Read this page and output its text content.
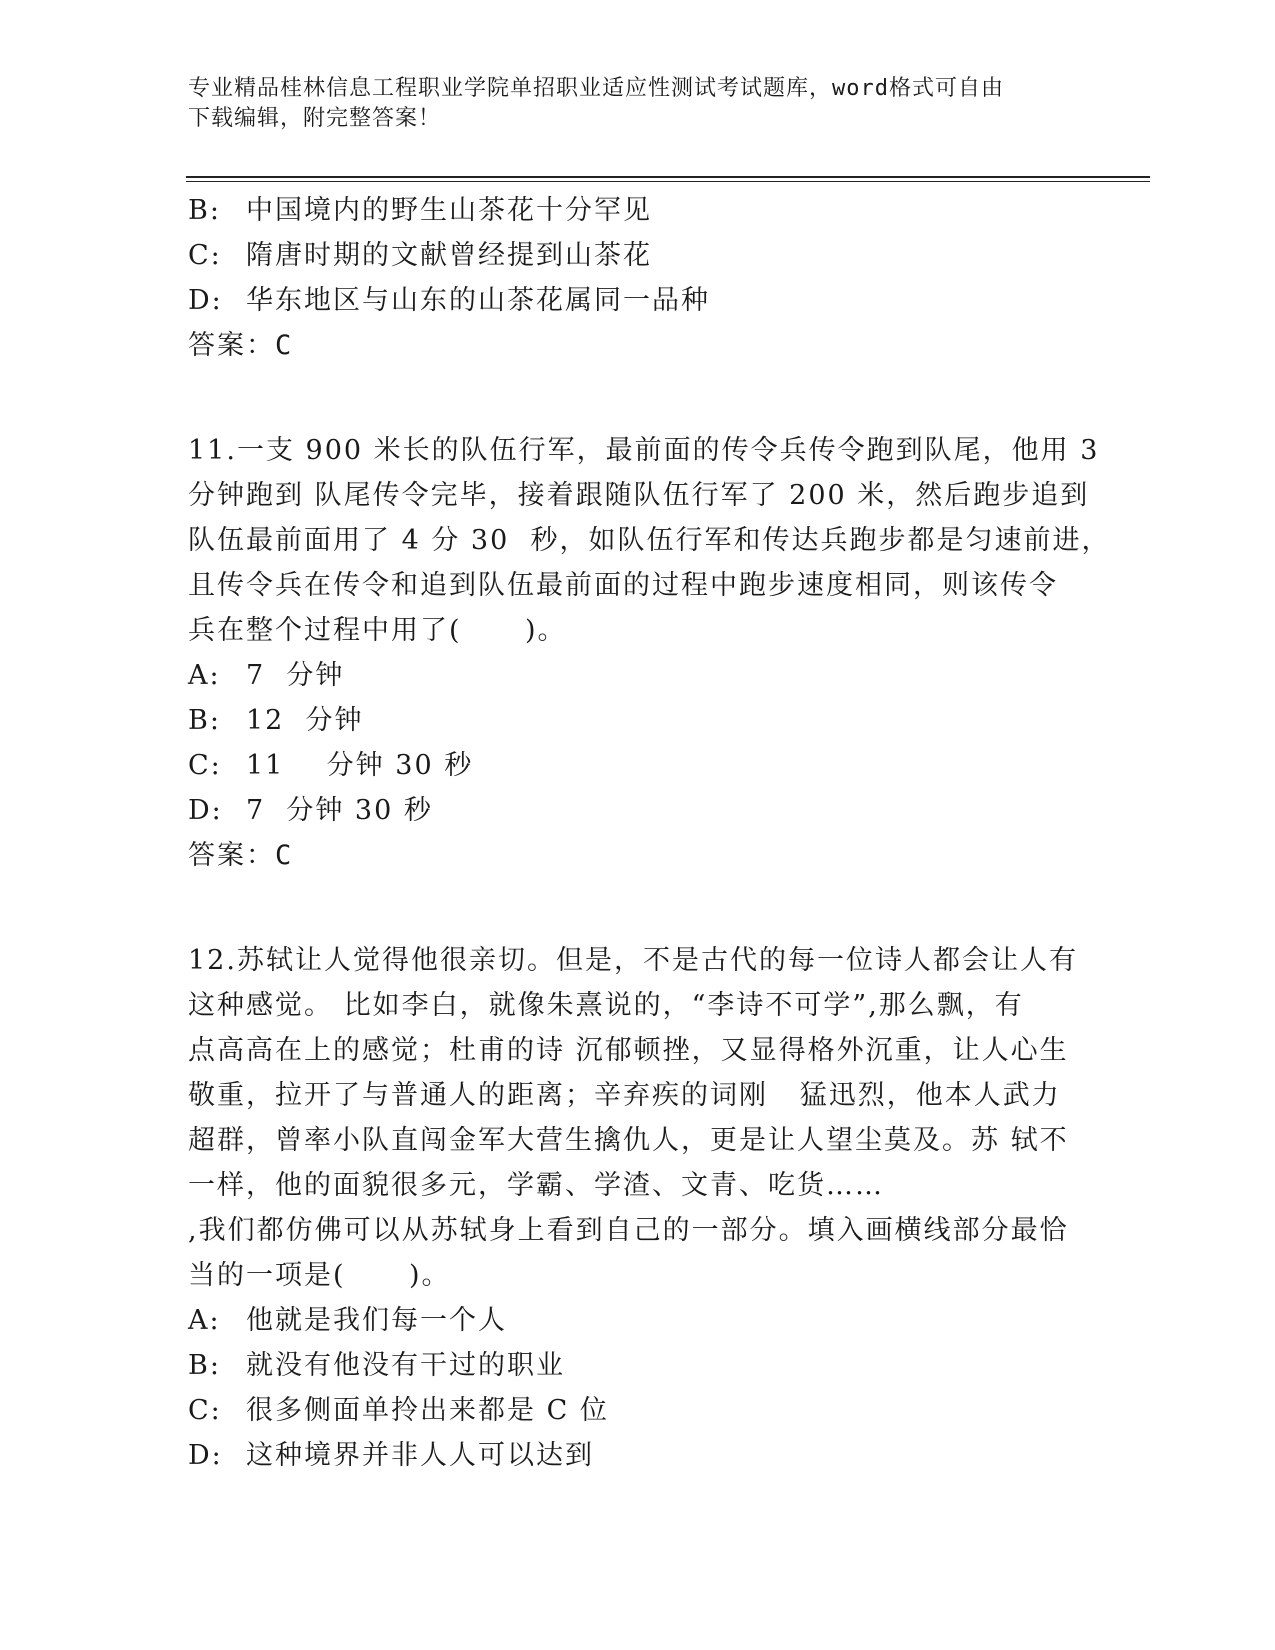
专业精品桂林信息工程职业学院单招职业适应性测试考试题库，word格式可自由
下载编辑，附完整答案！
B: 中国境内的野生山茶花十分罕见
C: 隋唐时期的文献曾经提到山茶花
D: 华东地区与山东的山茶花属同一品种
答案：C
11.一支 900 米长的队伍行军，最前面的传令兵传令跑到队尾，他用 3
分钟跑到 队尾传令完毕，接着跟随队伍行军了 200 米，然后跑步追到
队伍最前面用了 4 分 30  秒，如队伍行军和传达兵跑步都是匀速前进，
且传令兵在传令和追到队伍最前面的过程中跑步速度相同，则该传令
兵在整个过程中用了(      )。
A: 7  分钟
B: 12  分钟
C: 11    分钟 30 秒
D: 7  分钟 30 秒
答案：C
12.苏轼让人觉得他很亲切。但是，不是古代的每一位诗人都会让人有
这种感觉。 比如李白，就像朱熹说的，“李诗不可学”,那么飘，有
点高高在上的感觉；杜甫的诗 沉郁顿挫，又显得格外沉重，让人心生
敬重，拉开了与普通人的距离；辛弃疾的词刚   猛迅烈，他本人武力
超群，曾率小队直闯金军大营生擒仇人，更是让人望尘莫及。苏 轼不
一样，他的面貌很多元，学霸、学渣、文青、吃货……
,我们都仿佛可以从苏轼身上看到自己的一部分。填入画横线部分最恰
当的一项是(      )。
A: 他就是我们每一个人
B: 就没有他没有干过的职业
C: 很多侧面单拎出来都是 C 位
D: 这种境界并非人人可以达到
